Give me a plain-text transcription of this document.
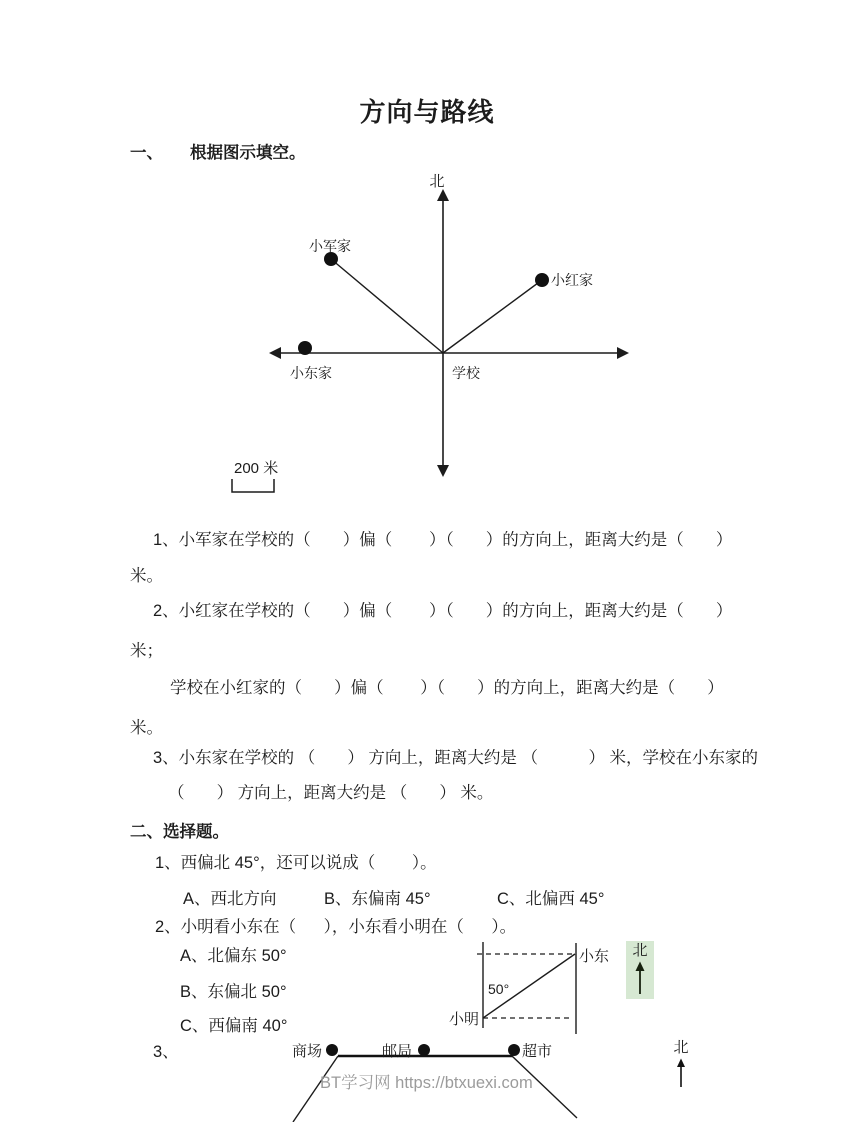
方向与路线
一、 根据图示填空。
北
小军家
小红家
小东家	学校
200 米
1、小军家在学校的（       ）偏（        ）（       ）的方向上，距离大约是（       ）
米。
2、小红家在学校的（       ）偏（        ）（       ）的方向上，距离大约是（       ）
米；
学校在小红家的（       ）偏（        ）（       ）的方向上，距离大约是（       ）
米。
3、小东家在学校的 （       ） 方向上，距离大约是 （           ） 米，学校在小东家的
（       ） 方向上，距离大约是 （       ） 米。
二、选择题。
1、西偏北 45°，还可以说成（        ）。
A、西北方向	B、东偏南 45°	C、北偏西 45°
2、小明看小东在（      ），小东看小明在（      ）。
A、北偏东 50°
B、东偏北 50°
C、西偏南 40°
小东
小明
50°
北
3、	商场	邮局	超市	北
BT学习网 https://btxuexi.com
